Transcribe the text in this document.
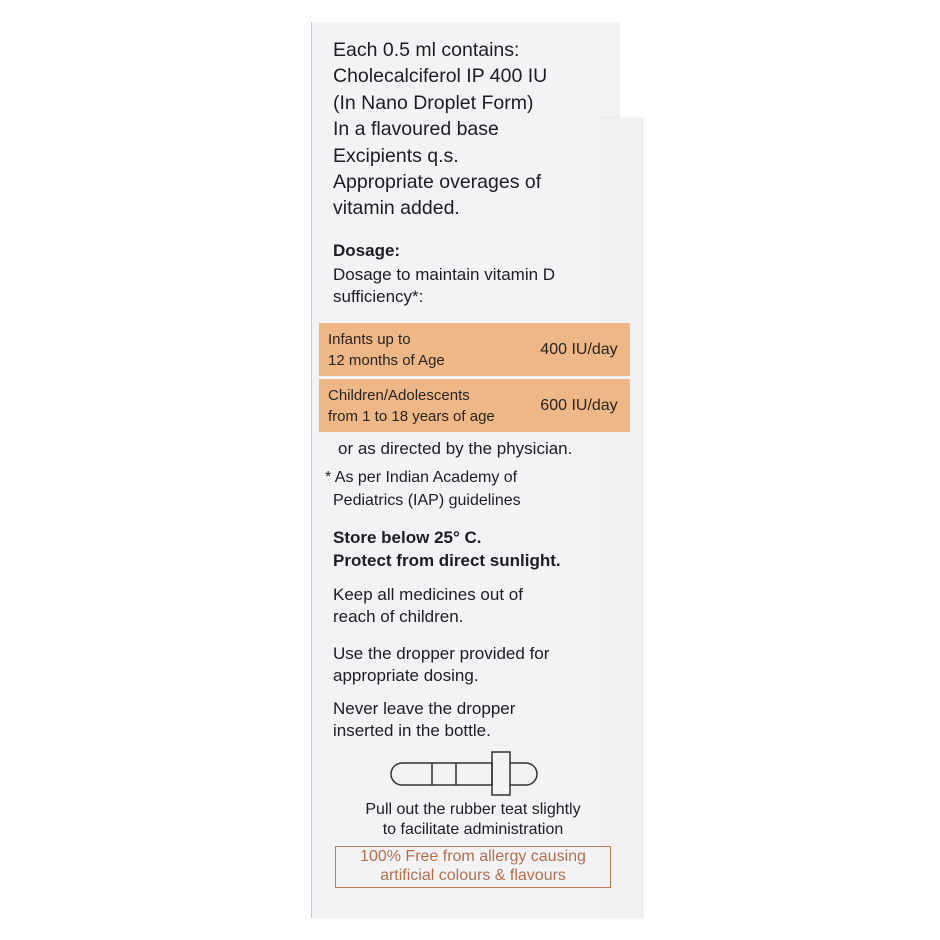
Each 0.5 ml contains:
Cholecalciferol IP 400 IU
(In Nano Droplet Form)
In a flavoured base
Excipients q.s.
Appropriate overages of
vitamin added.
Dosage:
Dosage to maintain vitamin D
sufficiency*:
Infants up to
12 months of Age
400 IU/day
Children/Adolescents
from 1 to 18 years of age
600 IU/day
or as directed by the physician.
* As per Indian Academy of
Pediatrics (IAP) guidelines
Store below 25° C.
Protect from direct sunlight.
Keep all medicines out of
reach of children.
Use the dropper provided for
appropriate dosing.
Never leave the dropper
inserted in the bottle.
Pull out the rubber teat slightly
to facilitate administration
100% Free from allergy causing
artificial colours & flavours
